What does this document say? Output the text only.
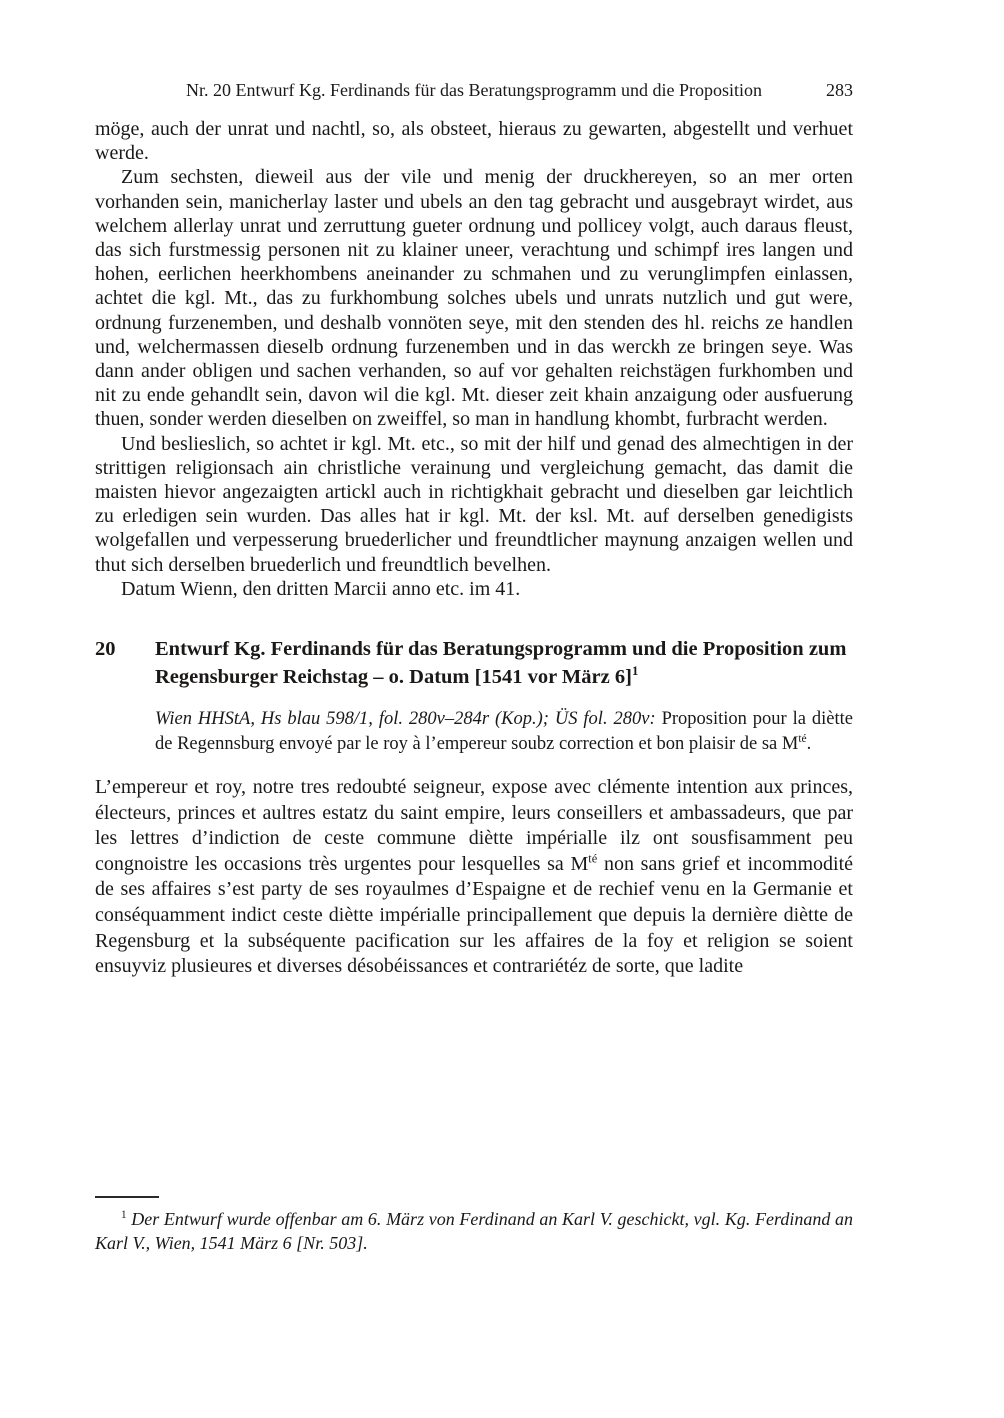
Nr. 20 Entwurf Kg. Ferdinands für das Beratungsprogramm und die Proposition	283

möge, auch der unrat und nachtl, so, als obsteet, hieraus zu gewarten, abgestellt und verhuet werde.

Zum sechsten, dieweil aus der vile und menig der druckhereyen, so an mer orten vorhanden sein, manicherlay laster und ubels an den tag gebracht und ausgebrayt wirdet, aus welchem allerlay unrat und zerruttung gueter ordnung und pollicey volgt, auch daraus fleust, das sich furstmessig personen nit zu klainer uneer, verachtung und schimpf ires langen und hohen, eerlichen heerkhombens aneinander zu schmahen und zu verunglimpfen einlassen, achtet die kgl. Mt., das zu furkhombung solches ubels und unrats nutzlich und gut were, ordnung furzenemben, und deshalb vonnöten seye, mit den stenden des hl. reichs ze handlen und, welchermassen dieselb ordnung furzenemben und in das werckh ze bringen seye. Was dann ander obligen und sachen verhanden, so auf vor gehalten reichstägen furkhomben und nit zu ende gehandlt sein, davon wil die kgl. Mt. dieser zeit khain anzaigung oder ausfuerung thuen, sonder werden dieselben on zweiffel, so man in handlung khombt, furbracht werden.

Und beslieslich, so achtet ir kgl. Mt. etc., so mit der hilf und genad des almechtigen in der strittigen religionsach ain christliche verainung und vergleichung gemacht, das damit die maisten hievor angezaigten artickl auch in richtigkhait gebracht und dieselben gar leichtlich zu erledigen sein wurden. Das alles hat ir kgl. Mt. der ksl. Mt. auf derselben genedigists wolgefallen und verpesserung bruederlicher und freundtlicher maynung anzaigen wellen und thut sich derselben bruederlich und freundtlich bevelhen.

Datum Wienn, den dritten Marcii anno etc. im 41.

20	Entwurf Kg. Ferdinands für das Beratungsprogramm und die Proposition zum Regensburger Reichstag – o. Datum [1541 vor März 6]$^1$

Wien HHStA, Hs blau 598/1, fol. 280v–284r (Kop.); ÜS fol. 280v: Proposition pour la diètte de Regennsburg envoyé par le roy à l’empereur soubz correction et bon plaisir de sa $M^{té}$.

L’empereur et roy, notre tres redoubté seigneur, expose avec clémente intention aux princes, électeurs, princes et aultres estatz du saint empire, leurs conseillers et ambassadeurs, que par les lettres d’indiction de ceste commune diètte impérialle ilz ont sousfisamment peu congnoistre les occasions très urgentes pour lesquelles sa $M^{té}$ non sans grief et incommodité de ses affaires s’est party de ses royaulmes d’Espaigne et de rechief venu en la Germanie et conséquamment indict ceste diètte impérialle principallement que depuis la dernière diètte de Regensburg et la subséquente pacification sur les affaires de la foy et religion se soient ensuyviz plusieures et diverses désobéissances et contrariétéz de sorte, que ladite

$^1$ Der Entwurf wurde offenbar am 6. März von Ferdinand an Karl V. geschickt, vgl. Kg. Ferdinand an Karl V., Wien, 1541 März 6 [Nr. 503].
